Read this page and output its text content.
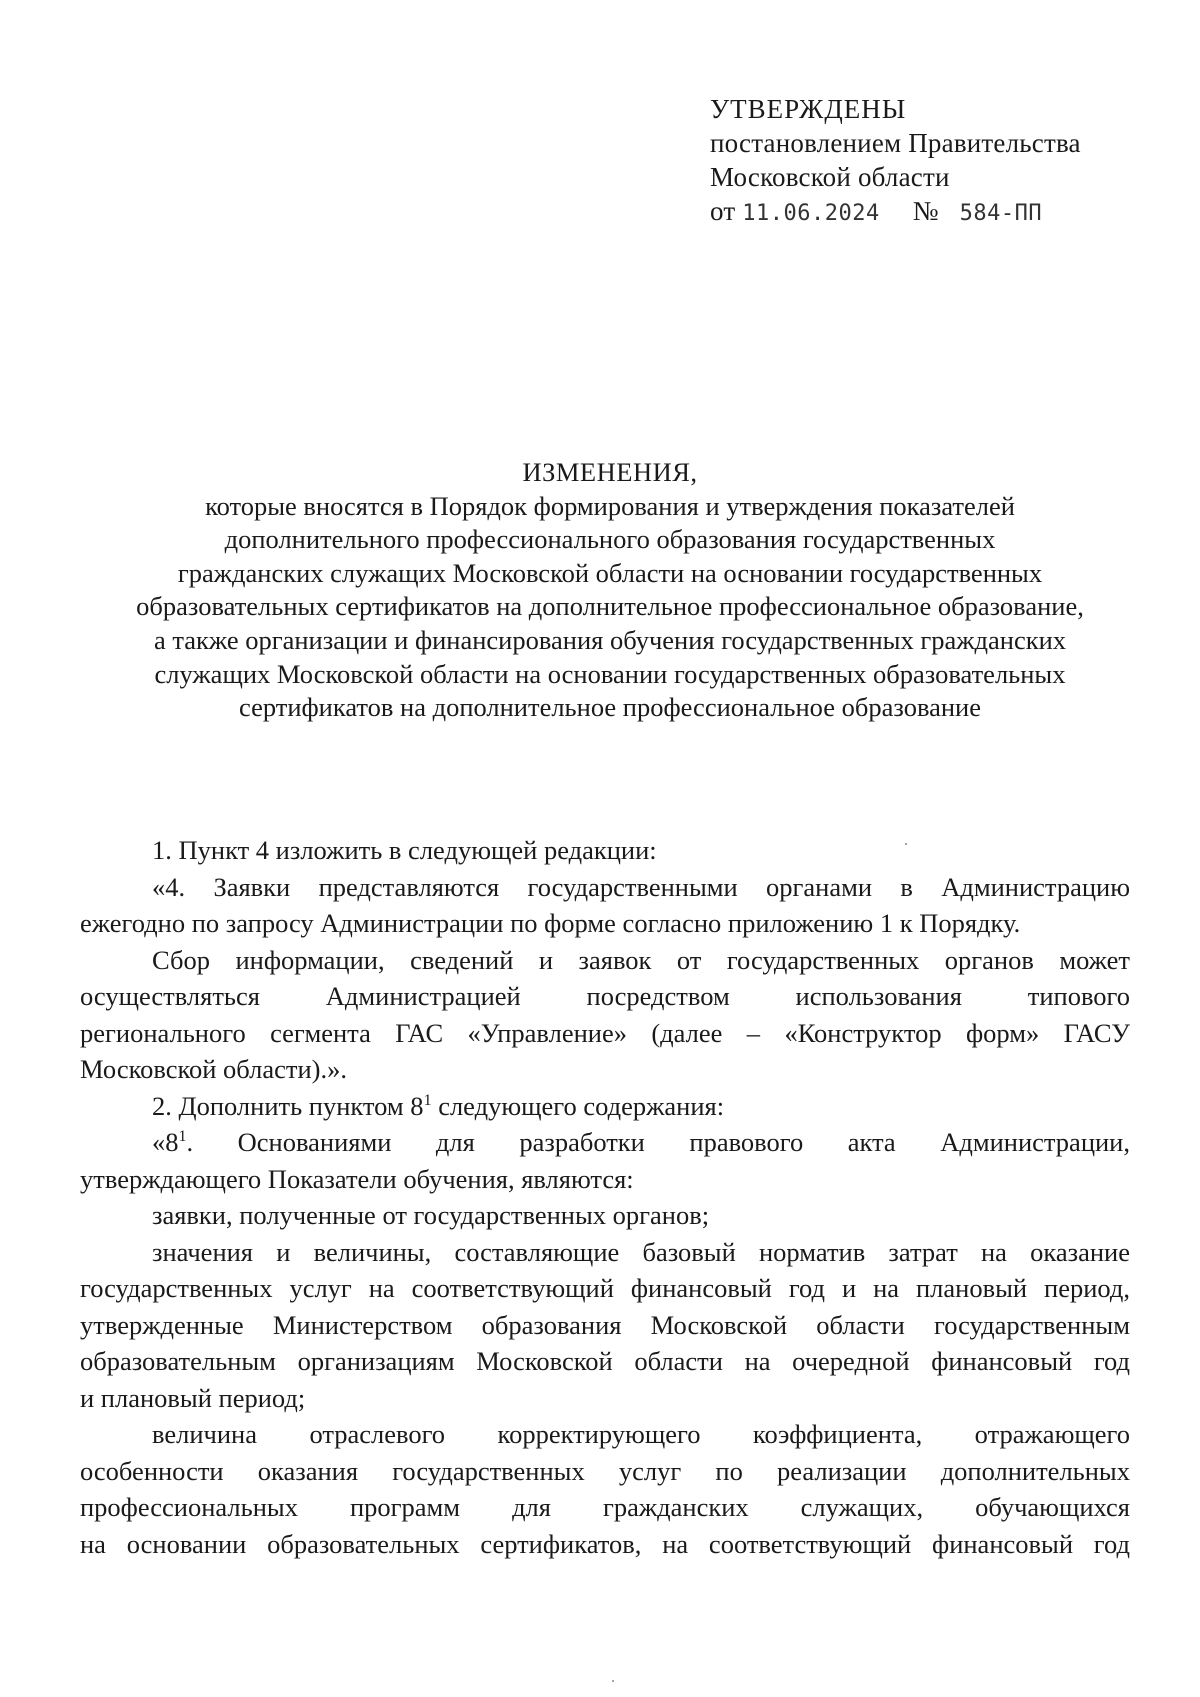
УТВЕРЖДЕНЫ
постановлением Правительства
Московской области
от 11.06.2024 № 584-ПП
ИЗМЕНЕНИЯ,
которые вносятся в Порядок формирования и утверждения показателей
дополнительного профессионального образования государственных
гражданских служащих Московской области на основании государственных
образовательных сертификатов на дополнительное профессиональное образование,
а также организации и финансирования обучения государственных гражданских
служащих Московской области на основании государственных образовательных
сертификатов на дополнительное профессиональное образование
1. Пункт 4 изложить в следующей редакции:
«4. Заявки представляются государственными органами в Администрацию
ежегодно по запросу Администрации по форме согласно приложению 1 к Порядку.
Сбор информации, сведений и заявок от государственных органов может
осуществляться Администрацией посредством использования типового
регионального сегмента ГАС «Управление» (далее – «Конструктор форм» ГАСУ
Московской области).».
2. Дополнить пунктом $8^1$ следующего содержания:
«$8^1$. Основаниями для разработки правового акта Администрации,
утверждающего Показатели обучения, являются:
заявки, полученные от государственных органов;
значения и величины, составляющие базовый норматив затрат на оказание
государственных услуг на соответствующий финансовый год и на плановый период,
утвержденные Министерством образования Московской области государственным
образовательным организациям Московской области на очередной финансовый год
и плановый период;
величина отраслевого корректирующего коэффициента, отражающего
особенности оказания государственных услуг по реализации дополнительных
профессиональных программ для гражданских служащих, обучающихся
на основании образовательных сертификатов, на соответствующий финансовый год
